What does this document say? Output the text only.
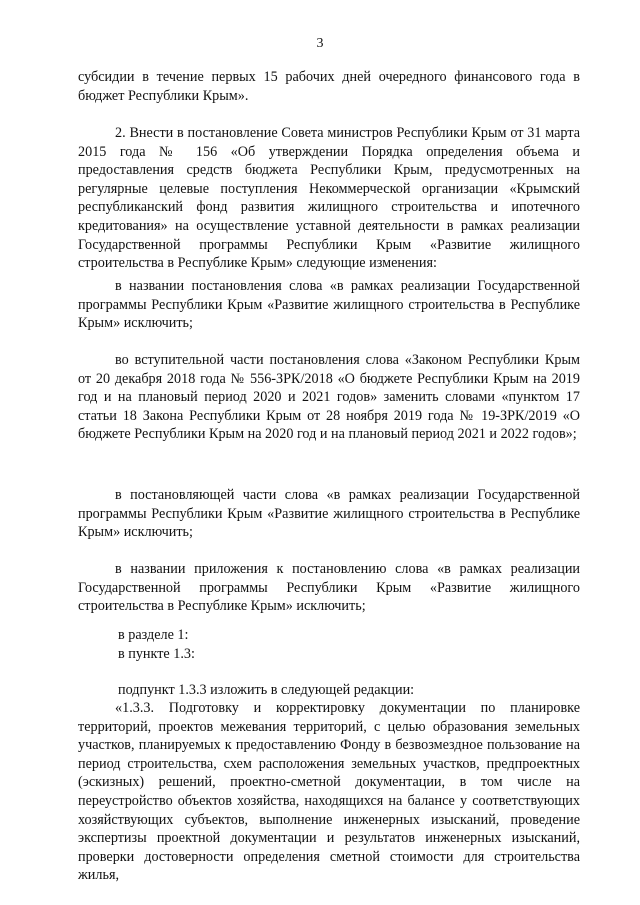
3
субсидии в течение первых 15 рабочих дней очередного финансового года в бюджет Республики Крым».
2. Внести в постановление Совета министров Республики Крым от 31 марта 2015 года № 156 «Об утверждении Порядка определения объема и предоставления средств бюджета Республики Крым, предусмотренных на регулярные целевые поступления Некоммерческой организации «Крымский республиканский фонд развития жилищного строительства и ипотечного кредитования» на осуществление уставной деятельности в рамках реализации Государственной программы Республики Крым «Развитие жилищного строительства в Республике Крым» следующие изменения:
в названии постановления слова «в рамках реализации Государственной программы Республики Крым «Развитие жилищного строительства в Республике Крым» исключить;
во вступительной части постановления слова «Законом Республики Крым от 20 декабря 2018 года № 556-ЗРК/2018 «О бюджете Республики Крым на 2019 год и на плановый период 2020 и 2021 годов» заменить словами «пунктом 17 статьи 18 Закона Республики Крым от 28 ноября 2019 года № 19-ЗРК/2019 «О бюджете Республики Крым на 2020 год и на плановый период 2021 и 2022 годов»;
в постановляющей части слова «в рамках реализации Государственной программы Республики Крым «Развитие жилищного строительства в Республике Крым» исключить;
в названии приложения к постановлению слова «в рамках реализации Государственной программы Республики Крым «Развитие жилищного строительства в Республике Крым» исключить;
в разделе 1:
в пункте 1.3:
подпункт 1.3.3 изложить в следующей редакции:
«1.3.3. Подготовку и корректировку документации по планировке территорий, проектов межевания территорий, с целью образования земельных участков, планируемых к предоставлению Фонду в безвозмездное пользование на период строительства, схем расположения земельных участков, предпроектных (эскизных) решений, проектно-сметной документации, в том числе на переустройство объектов хозяйства, находящихся на балансе у соответствующих хозяйствующих субъектов, выполнение инженерных изысканий, проведение экспертизы проектной документации и результатов инженерных изысканий, проверки достоверности определения сметной стоимости для строительства жилья,
